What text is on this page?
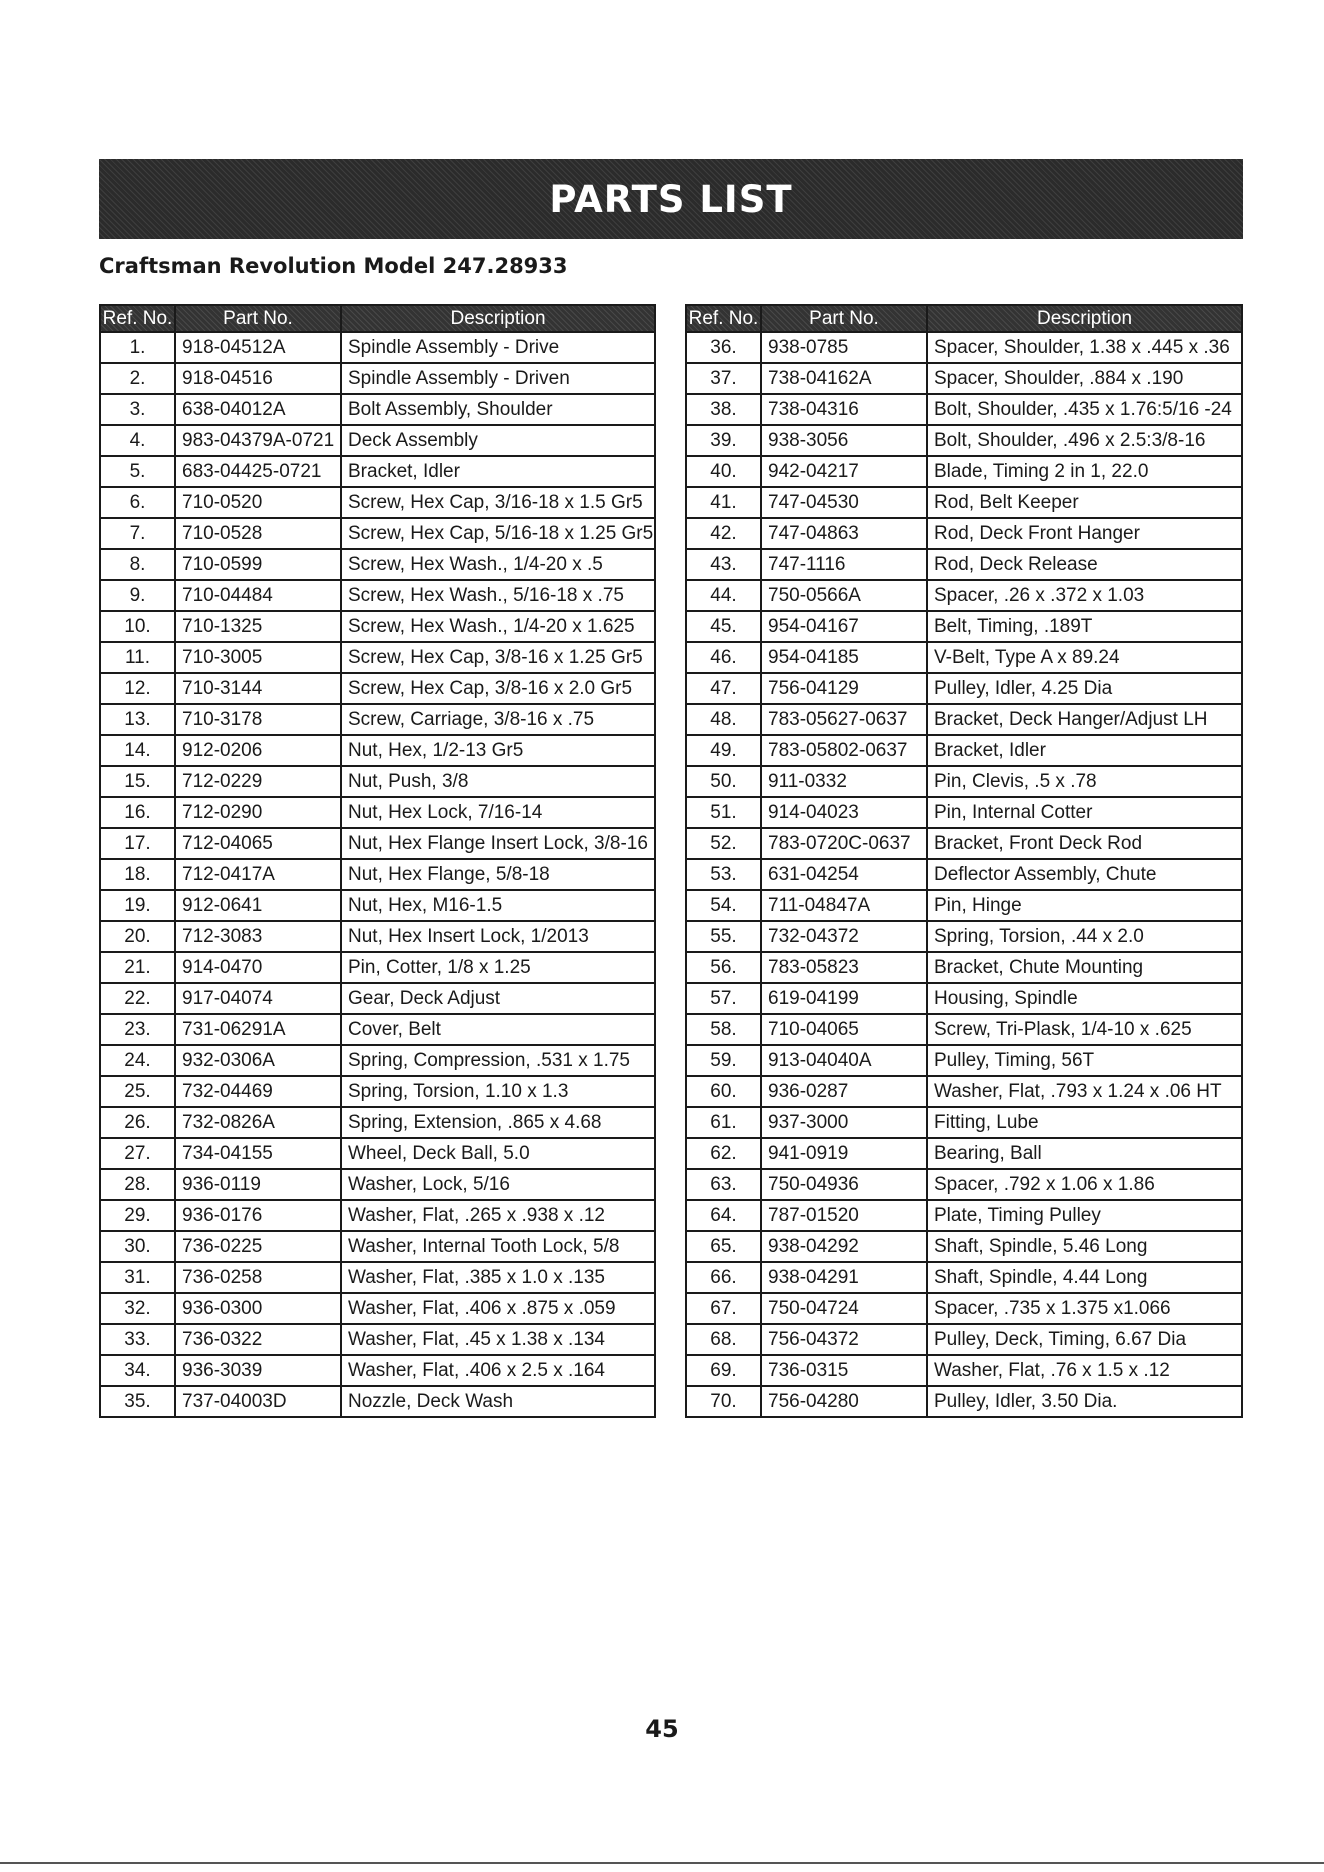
PARTS LIST
Craftsman Revolution Model 247.28933
Ref. No.	Part No.	Description
1.	918-04512A	Spindle Assembly - Drive
2.	918-04516	Spindle Assembly - Driven
3.	638-04012A	Bolt Assembly, Shoulder
4.	983-04379A-0721	Deck Assembly
5.	683-04425-0721	Bracket, Idler
6.	710-0520	Screw, Hex Cap, 3/16-18 x 1.5 Gr5
7.	710-0528	Screw, Hex Cap, 5/16-18 x 1.25 Gr5
8.	710-0599	Screw, Hex Wash., 1/4-20 x .5
9.	710-04484	Screw, Hex Wash., 5/16-18 x .75
10.	710-1325	Screw, Hex Wash., 1/4-20 x 1.625
11.	710-3005	Screw, Hex Cap, 3/8-16 x 1.25 Gr5
12.	710-3144	Screw, Hex Cap, 3/8-16 x 2.0 Gr5
13.	710-3178	Screw, Carriage, 3/8-16 x .75
14.	912-0206	Nut, Hex, 1/2-13 Gr5
15.	712-0229	Nut, Push, 3/8
16.	712-0290	Nut, Hex Lock, 7/16-14
17.	712-04065	Nut, Hex Flange Insert Lock, 3/8-16
18.	712-0417A	Nut, Hex Flange, 5/8-18
19.	912-0641	Nut, Hex, M16-1.5
20.	712-3083	Nut, Hex Insert Lock, 1/2013
21.	914-0470	Pin, Cotter, 1/8 x 1.25
22.	917-04074	Gear, Deck Adjust
23.	731-06291A	Cover, Belt
24.	932-0306A	Spring, Compression, .531 x 1.75
25.	732-04469	Spring, Torsion, 1.10 x 1.3
26.	732-0826A	Spring, Extension, .865 x 4.68
27.	734-04155	Wheel, Deck Ball, 5.0
28.	936-0119	Washer, Lock, 5/16
29.	936-0176	Washer, Flat, .265 x .938 x .12
30.	736-0225	Washer, Internal Tooth Lock, 5/8
31.	736-0258	Washer, Flat, .385 x 1.0 x .135
32.	936-0300	Washer, Flat, .406 x .875 x .059
33.	736-0322	Washer, Flat, .45 x 1.38 x .134
34.	936-3039	Washer, Flat, .406 x 2.5 x .164
35.	737-04003D	Nozzle, Deck Wash
Ref. No.	Part No.	Description
36.	938-0785	Spacer, Shoulder, 1.38 x .445 x .36
37.	738-04162A	Spacer, Shoulder, .884 x .190
38.	738-04316	Bolt, Shoulder, .435 x 1.76:5/16 -24
39.	938-3056	Bolt, Shoulder, .496 x 2.5:3/8-16
40.	942-04217	Blade, Timing 2 in 1, 22.0
41.	747-04530	Rod, Belt Keeper
42.	747-04863	Rod, Deck Front Hanger
43.	747-1116	Rod, Deck Release
44.	750-0566A	Spacer, .26 x .372 x 1.03
45.	954-04167	Belt, Timing, .189T
46.	954-04185	V-Belt, Type A x 89.24
47.	756-04129	Pulley, Idler, 4.25 Dia
48.	783-05627-0637	Bracket, Deck Hanger/Adjust LH
49.	783-05802-0637	Bracket, Idler
50.	911-0332	Pin, Clevis, .5 x .78
51.	914-04023	Pin, Internal Cotter
52.	783-0720C-0637	Bracket, Front Deck Rod
53.	631-04254	Deflector Assembly, Chute
54.	711-04847A	Pin, Hinge
55.	732-04372	Spring, Torsion, .44 x 2.0
56.	783-05823	Bracket, Chute Mounting
57.	619-04199	Housing, Spindle
58.	710-04065	Screw, Tri-Plask, 1/4-10 x .625
59.	913-04040A	Pulley, Timing, 56T
60.	936-0287	Washer, Flat, .793 x 1.24 x .06 HT
61.	937-3000	Fitting, Lube
62.	941-0919	Bearing, Ball
63.	750-04936	Spacer, .792 x 1.06 x 1.86
64.	787-01520	Plate, Timing Pulley
65.	938-04292	Shaft, Spindle, 5.46 Long
66.	938-04291	Shaft, Spindle, 4.44 Long
67.	750-04724	Spacer, .735 x 1.375 x1.066
68.	756-04372	Pulley, Deck, Timing, 6.67 Dia
69.	736-0315	Washer, Flat, .76 x 1.5 x .12
70.	756-04280	Pulley, Idler, 3.50 Dia.
45
